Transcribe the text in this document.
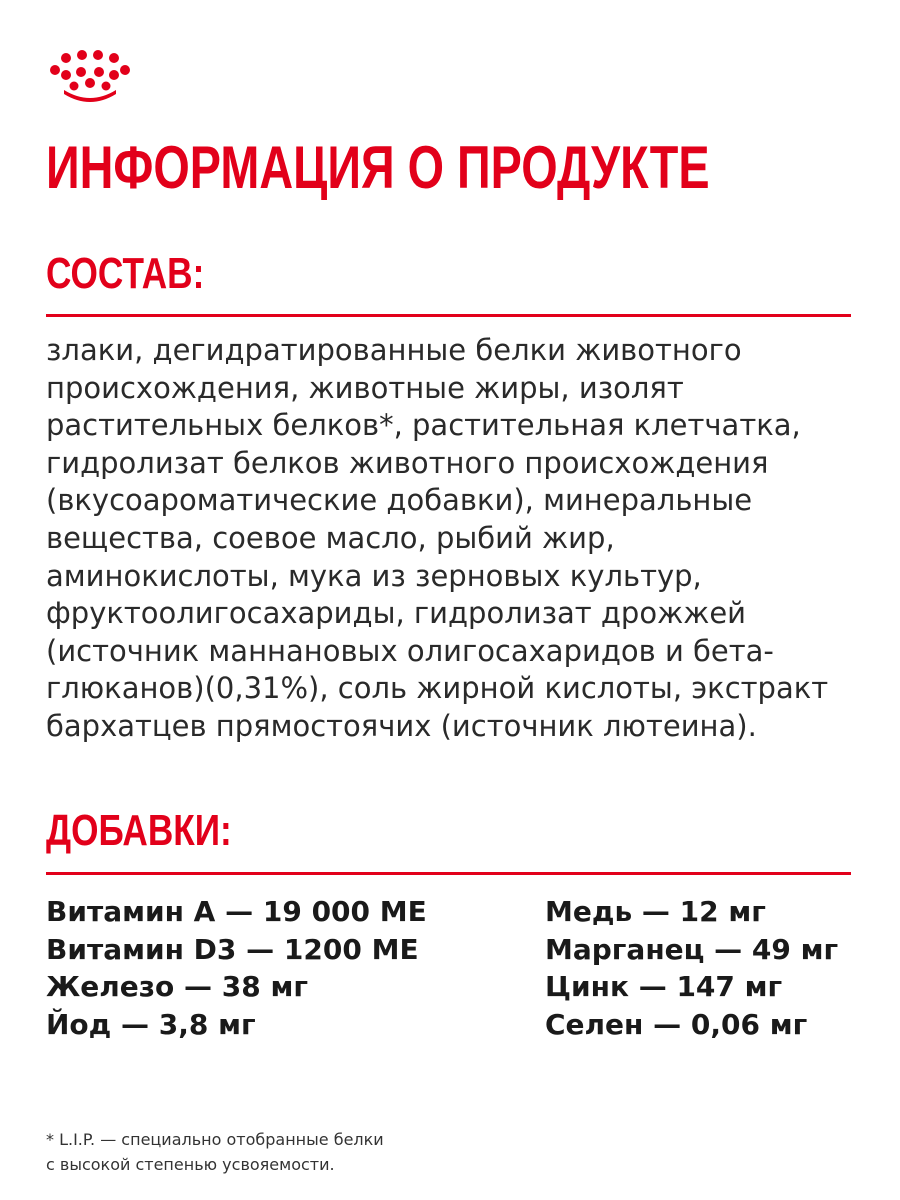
ИНФОРМАЦИЯ О ПРОДУКТЕ
СОСТАВ:

злаки, дегидратированные белки животного
происхождения, животные жиры, изолят
растительных белков*, растительная клетчатка,
гидролизат белков животного происхождения
(вкусоароматические добавки), минеральные
вещества, соевое масло, рыбий жир,
аминокислоты, мука из зерновых культур,
фруктоолигосахариды, гидролизат дрожжей
(источник маннановых олигосахаридов и бета-
глюканов)(0,31%), соль жирной кислоты, экстракт
бархатцев прямостоячих (источник лютеина).

ДОБАВКИ:
Витамин А — 19 000 МЕ
Витамин D3 — 1200 МЕ
Железо — 38 мг
Йод — 3,8 мг
Медь — 12 мг
Марганец — 49 мг
Цинк — 147 мг
Селен — 0,06 мг

* L.I.P. — специально отобранные белки
с высокой степенью усвояемости.
